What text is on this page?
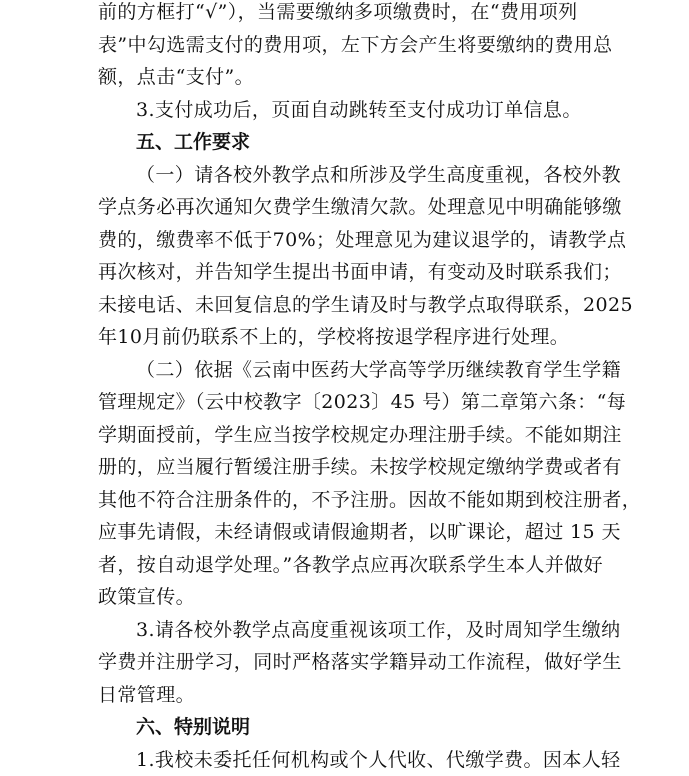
前的方框打“√”），当需要缴纳多项缴费时，在“费用项列
表”中勾选需支付的费用项，左下方会产生将要缴纳的费用总
额，点击“支付”。

3.支付成功后，页面自动跳转至支付成功订单信息。

五、工作要求

（一）请各校外教学点和所涉及学生高度重视，各校外教
学点务必再次通知欠费学生缴清欠款。处理意见中明确能够缴
费的，缴费率不低于70%；处理意见为建议退学的，请教学点
再次核对，并告知学生提出书面申请，有变动及时联系我们；
未接电话、未回复信息的学生请及时与教学点取得联系，2025
年10月前仍联系不上的，学校将按退学程序进行处理。

（二）依据《云南中医药大学高等学历继续教育学生学籍
管理规定》（云中校教字〔2023〕45 号）第二章第六条：“每
学期面授前，学生应当按学校规定办理注册手续。不能如期注
册的，应当履行暂缓注册手续。未按学校规定缴纳学费或者有
其他不符合注册条件的，不予注册。因故不能如期到校注册者，
应事先请假，未经请假或请假逾期者，以旷课论，超过 15 天
者，按自动退学处理。”各教学点应再次联系学生本人并做好
政策宣传。

3.请各校外教学点高度重视该项工作，及时周知学生缴纳
学费并注册学习，同时严格落实学籍异动工作流程，做好学生
日常管理。

六、特别说明

1.我校未委托任何机构或个人代收、代缴学费。因本人轻
